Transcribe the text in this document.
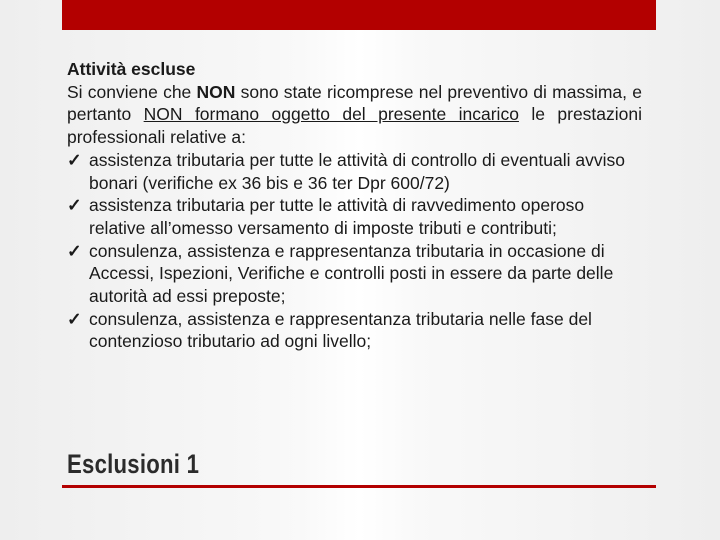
Attività escluse
Si conviene che NON sono state ricomprese nel preventivo di massima, e pertanto NON formano oggetto del presente incarico le prestazioni professionali relative a:
✓ assistenza tributaria per tutte le attività di controllo di eventuali avviso bonari (verifiche ex 36 bis e 36 ter Dpr 600/72)
✓ assistenza tributaria per tutte le attività di ravvedimento operoso relative all’omesso versamento di imposte tributi e contributi;
✓ consulenza, assistenza e rappresentanza tributaria in occasione di Accessi, Ispezioni, Verifiche e controlli posti in essere da parte delle autorità ad essi preposte;
✓ consulenza, assistenza e rappresentanza tributaria nelle fase del contenzioso tributario ad ogni livello;
Esclusioni 1
